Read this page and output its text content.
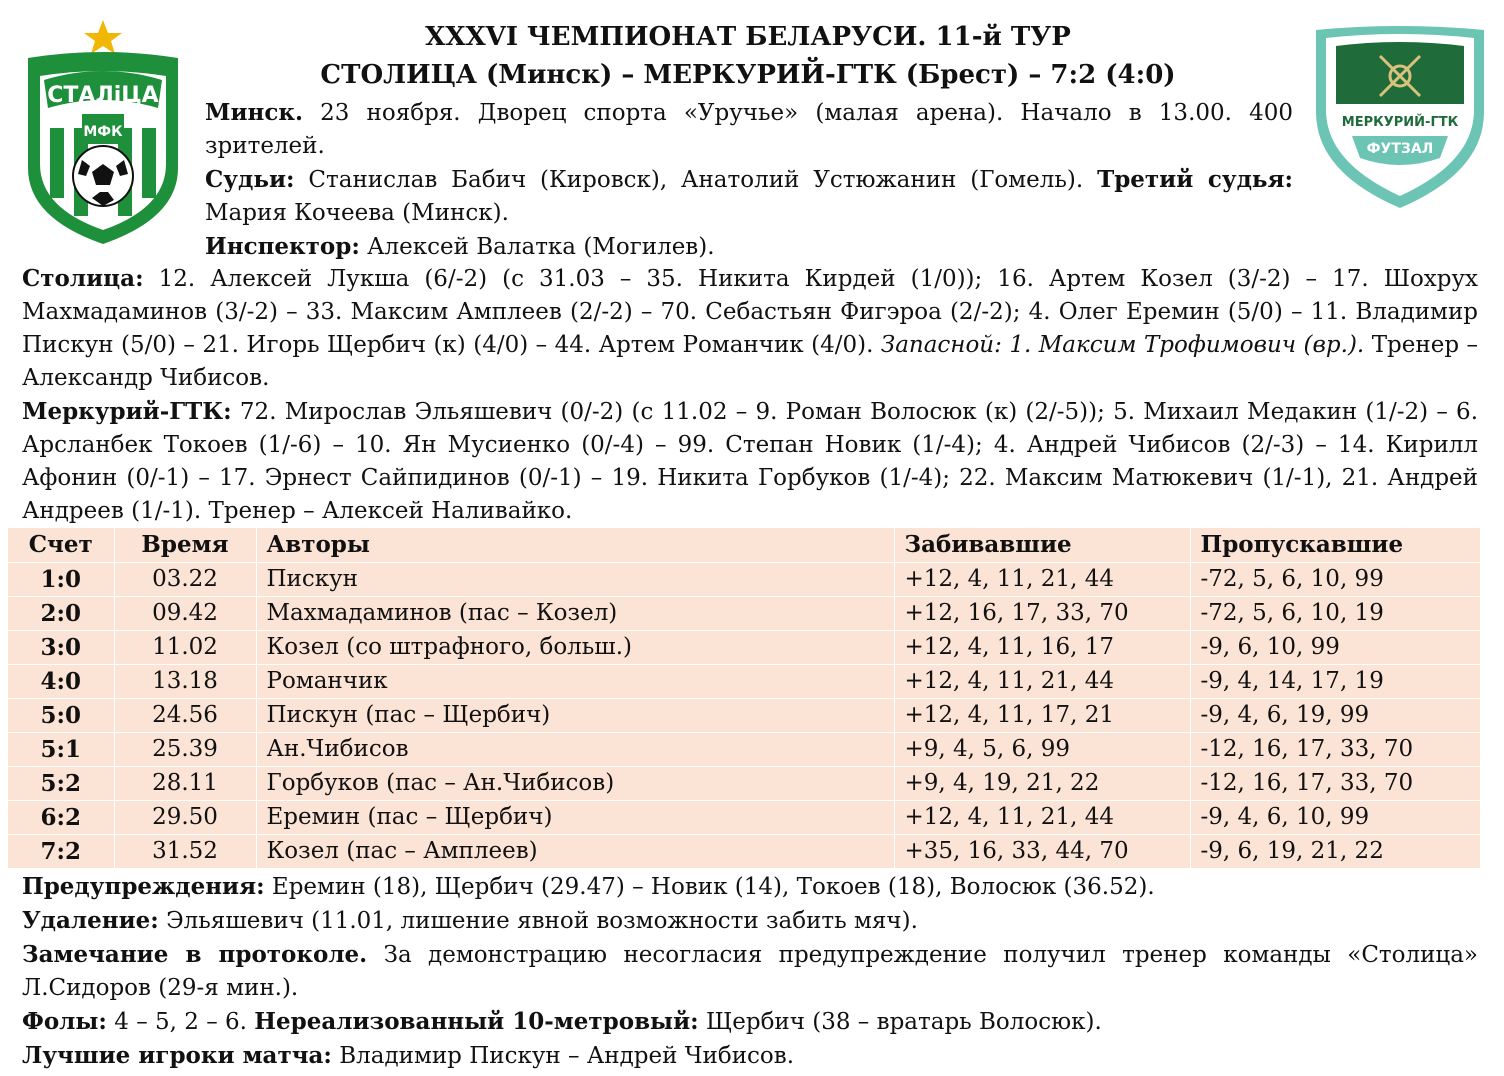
СТАЛiЦА
МФК
МЕРКУРИЙ-ГТК
ФУТЗАЛ
XXXVI ЧЕМПИОНАТ БЕЛАРУСИ. 11-й ТУР
СТОЛИЦА (Минск) – МЕРКУРИЙ-ГТК (Брест) – 7:2 (4:0)

Минск. 23 ноября. Дворец спорта «Уручье» (малая арена). Начало в 13.00. 400 зрителей.

Судьи: Станислав Бабич (Кировск), Анатолий Устюжанин (Гомель). Третий судья: Мария Кочеева (Минск).

Инспектор: Алексей Валатка (Могилев).

Столица: 12. Алексей Лукша (6/-2) (с 31.03 – 35. Никита Кирдей (1/0)); 16. Артем Козел (3/-2) – 17. Шохрух Махмадаминов (3/-2) – 33. Максим Амплеев (2/-2) – 70. Себастьян Фигэроа (2/-2); 4. Олег Еремин (5/0) – 11. Владимир Пискун (5/0) – 21. Игорь Щербич (к) (4/0) – 44. Артем Романчик (4/0). Запасной: 1. Максим Трофимович (вр.). Тренер – Александр Чибисов.

Меркурий-ГТК: 72. Мирослав Эльяшевич (0/-2) (с 11.02 – 9. Роман Волосюк (к) (2/-5)); 5. Михаил Медакин (1/-2) – 6. Арсланбек Токоев (1/-6) – 10. Ян Мусиенко (0/-4) – 99. Степан Новик (1/-4); 4. Андрей Чибисов (2/-3) – 14. Кирилл Афонин (0/-1) – 17. Эрнест Сайпидинов (0/-1) – 19. Никита Горбуков (1/-4); 22. Максим Матюкевич (1/-1), 21. Андрей Андреев (1/-1). Тренер – Алексей Наливайко.

Счет	Время	Авторы	Забивавшие	Пропускавшие
1:0	03.22	Пискун	+12, 4, 11, 21, 44	-72, 5, 6, 10, 99
2:0	09.42	Махмадаминов (пас – Козел)	+12, 16, 17, 33, 70	-72, 5, 6, 10, 19
3:0	11.02	Козел (со штрафного, больш.)	+12, 4, 11, 16, 17	-9, 6, 10, 99
4:0	13.18	Романчик	+12, 4, 11, 21, 44	-9, 4, 14, 17, 19
5:0	24.56	Пискун (пас – Щербич)	+12, 4, 11, 17, 21	-9, 4, 6, 19, 99
5:1	25.39	Ан.Чибисов	+9, 4, 5, 6, 99	-12, 16, 17, 33, 70
5:2	28.11	Горбуков (пас – Ан.Чибисов)	+9, 4, 19, 21, 22	-12, 16, 17, 33, 70
6:2	29.50	Еремин (пас – Щербич)	+12, 4, 11, 21, 44	-9, 4, 6, 10, 99
7:2	31.52	Козел (пас – Амплеев)	+35, 16, 33, 44, 70	-9, 6, 19, 21, 22

Предупреждения: Еремин (18), Щербич (29.47) – Новик (14), Токоев (18), Волосюк (36.52).

Удаление: Эльяшевич (11.01, лишение явной возможности забить мяч).

Замечание в протоколе. За демонстрацию несогласия предупреждение получил тренер команды «Столица» Л.Сидоров (29-я мин.).

Фолы: 4 – 5, 2 – 6. Нереализованный 10-метровый: Щербич (38 – вратарь Волосюк).

Лучшие игроки матча: Владимир Пискун – Андрей Чибисов.
